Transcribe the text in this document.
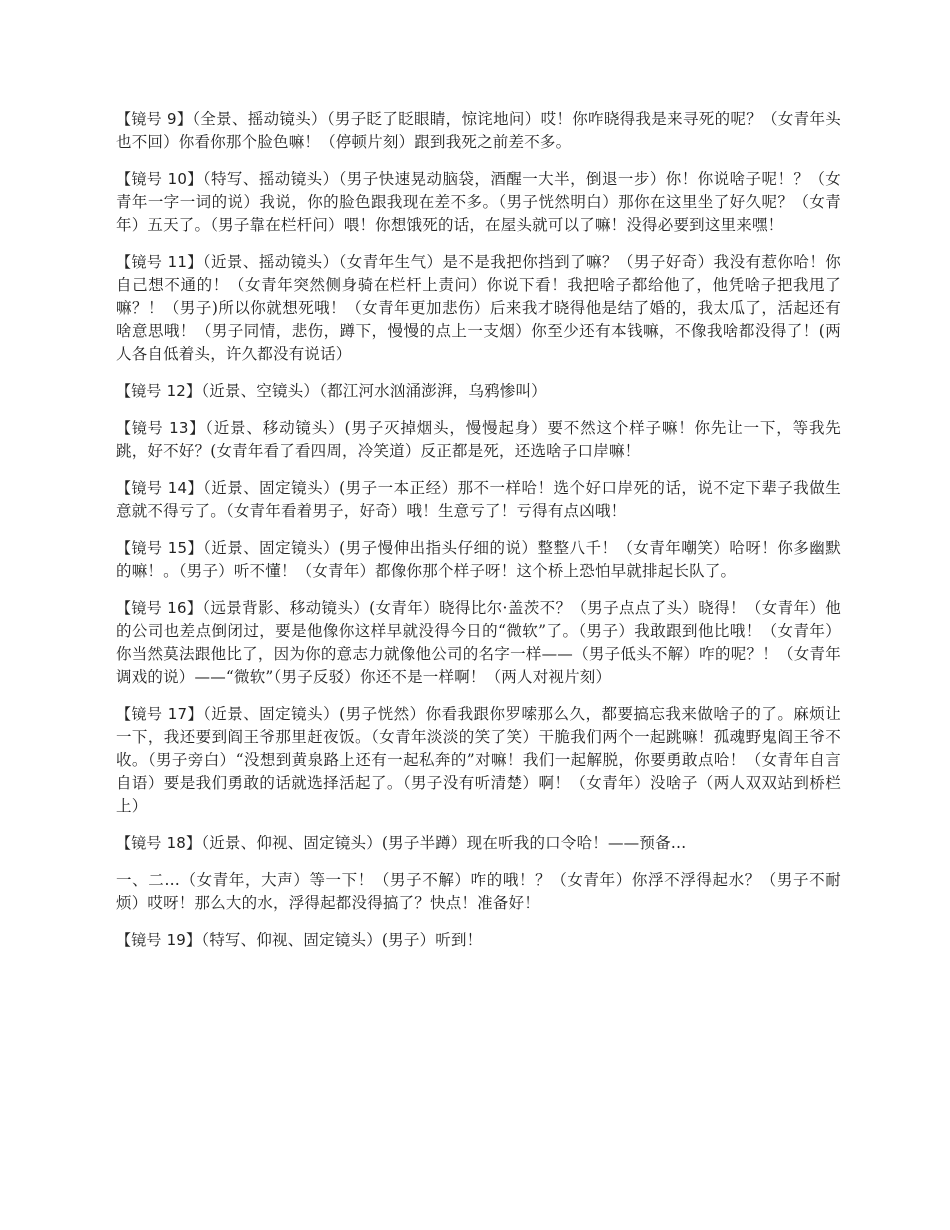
【镜号 9】（全景、摇动镜头）（男子眨了眨眼睛，惊诧地问）哎！你咋晓得我是来寻死的呢？（女青年头也不回）你看你那个脸色嘛！（停顿片刻）跟到我死之前差不多。

【镜号 10】（特写、摇动镜头）（男子快速晃动脑袋，酒醒一大半，倒退一步）你！你说啥子呢！？（女青年一字一词的说）我说，你的脸色跟我现在差不多。（男子恍然明白）那你在这里坐了好久呢？（女青年）五天了。（男子靠在栏杆问）喂！你想饿死的话，在屋头就可以了嘛！没得必要到这里来嘿！

【镜号 11】（近景、摇动镜头）（女青年生气）是不是我把你挡到了嘛？（男子好奇）我没有惹你哈！你自己想不通的！（女青年突然侧身骑在栏杆上责问）你说下看！我把啥子都给他了，他凭啥子把我甩了嘛？！（男子)所以你就想死哦！（女青年更加悲伤）后来我才晓得他是结了婚的，我太瓜了，活起还有啥意思哦！（男子同情，悲伤，蹲下，慢慢的点上一支烟）你至少还有本钱嘛，不像我啥都没得了！(两人各自低着头，许久都没有说话）

【镜号 12】（近景、空镜头）（都江河水汹涌澎湃，乌鸦惨叫）

【镜号 13】（近景、移动镜头）(男子灭掉烟头，慢慢起身）要不然这个样子嘛！你先让一下，等我先跳，好不好？(女青年看了看四周，冷笑道）反正都是死，还选啥子口岸嘛！

【镜号 14】（近景、固定镜头）(男子一本正经）那不一样哈！选个好口岸死的话，说不定下辈子我做生意就不得亏了。（女青年看着男子，好奇）哦！生意亏了！亏得有点凶哦！

【镜号 15】（近景、固定镜头）(男子慢伸出指头仔细的说）整整八千！（女青年嘲笑）哈呀！你多幽默的嘛！。（男子）听不懂！（女青年）都像你那个样子呀！这个桥上恐怕早就排起长队了。

【镜号 16】（远景背影、移动镜头）(女青年）晓得比尔·盖茨不？（男子点点了头）晓得！（女青年）他的公司也差点倒闭过，要是他像你这样早就没得今日的“微软”了。（男子）我敢跟到他比哦！（女青年）你当然莫法跟他比了，因为你的意志力就像他公司的名字一样——（男子低头不解）咋的呢？！（女青年调戏的说）——“微软”（男子反驳）你还不是一样啊！（两人对视片刻）

【镜号 17】（近景、固定镜头）(男子恍然）你看我跟你罗嗦那么久，都要搞忘我来做啥子的了。麻烦让一下，我还要到阎王爷那里赶夜饭。（女青年淡淡的笑了笑）干脆我们两个一起跳嘛！孤魂野鬼阎王爷不收。（男子旁白）“没想到黄泉路上还有一起私奔的”对嘛！我们一起解脱，你要勇敢点哈！（女青年自言自语）要是我们勇敢的话就选择活起了。（男子没有听清楚）啊！（女青年）没啥子（两人双双站到桥栏上）

【镜号 18】（近景、仰视、固定镜头）(男子半蹲）现在听我的口令哈！——预备…

一、二…（女青年，大声）等一下！（男子不解）咋的哦！？（女青年）你浮不浮得起水？（男子不耐烦）哎呀！那么大的水，浮得起都没得搞了？快点！准备好！

【镜号 19】（特写、仰视、固定镜头）(男子）听到！
